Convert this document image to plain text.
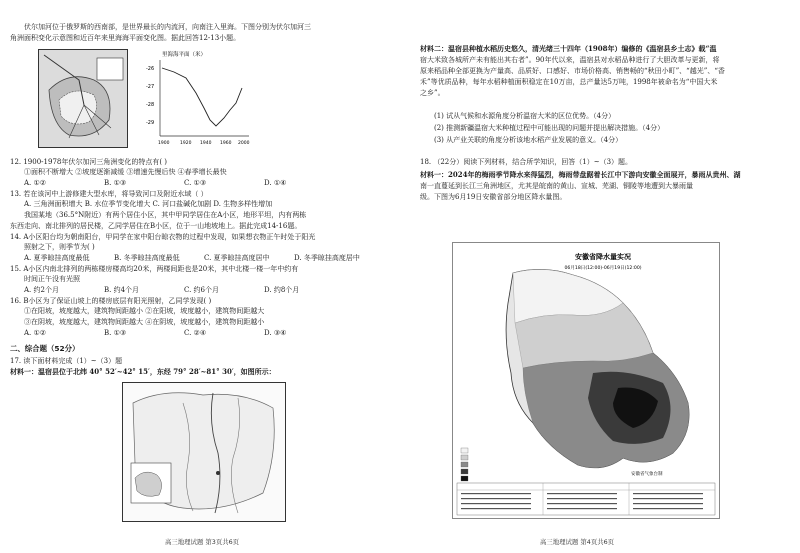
伏尔加河位于俄罗斯的西南部，是世界最长的内流河，向南注入里海。下图分别为伏尔加河三
角洲面积变化示意图和近百年来里海海平面变化图。据此回答12-13小题。
里海海平面（米）
-26
-27
-28
-29
1900 1920 1940 1960 2000
12. 1900-1978年伏尔加河三角洲变化的特点有( )
①面积不断增大 ②坡度逐渐减缓 ③增速先慢后快 ④春季增长最快
A. ①②	B. ①③	C. ①③	D. ①④
13. 若在该河中上游修建大型水库，将导致河口及附近水域（ ）
A. 三角洲面积增大 B. 水位季节变化增大 C. 河口盐碱化加剧 D. 生物多样性增加
我国某地（36.5°N附近）有两个居住小区，其中甲同学居住在A小区，地形平坦，内有两栋
东西走向、南北排列的居民楼，乙同学居住在B小区，位于一山地坡地上。据此完成14-16题。
14. A小区阳台均为朝南阳台，甲同学在家中阳台晾衣物的过程中发现，如果想衣物正午时处于阳光
照射之下，则季节为( )
A. 夏季晾挂高度最低	B. 冬季晾挂高度最低	C. 夏季晾挂高度居中	D. 冬季晾挂高度居中
15. A小区内南北排列的两栋楼房楼高均20米，两楼间距也是20米，其中北楼一楼一年中约有
时间正午没有光照
A. 约2个月	B. 约4个月	C. 约6个月	D. 约8个月
16. B小区为了保证山坡上的楼房底层有阳光照射，乙同学发现( )
①在阳坡，坡度越大，建筑物间距越小 ②在阳坡，坡度越小，建筑物间距越大
③在阴坡，坡度越大，建筑物间距越大 ④在阴坡，坡度越小，建筑物间距越小
A. ①②	B. ①③	C. ②④	D. ③④
二、综合题（52分）
17. 读下面材料完成（1）~（3）题
材料一：温宿县位于北纬 40° 52′~42° 15′，东经 79° 28′~81° 30′，如图所示：
高三地理试题 第3页共6页
材料二：温宿县种植水稻历史悠久，清光绪三十四年（1908年）编修的《温宿县乡土志》载“温
宿大米致各城所产未有能出其右者”。90年代以来，温宿县对水稻品种进行了大胆改革与更新，将
原来稻品种全部更换为产量高、品质好、口感好、市场价格高、销售畅的“秋田小町”、“越光”、“香
禾”等优质品种，每年水稻种植面积稳定在10万亩，总产量达5万吨，1998年被命名为“中国大米
之乡”。
(1) 试从气候和水源角度分析温宿大米的区位优势。（4分）
(2) 推测新疆温宿大米种植过程中可能出现的问题并提出解决措施。（4分）
(3) 从产业关联的角度分析该地水稻产业发展的意义。（4分）
18. （22分）阅读下列材料，结合所学知识，回答（1）~（3）题。
材料一：2024年的梅雨季节降水来得猛烈，梅雨带盘踞着长江中下游向安徽全面展开，暴雨从贵州、湖
南一直蔓延到长江三角洲地区，尤其是皖南的黄山、宣城、芜湖、铜陵等地遭到大暴雨量
级。下图为6月19日安徽省部分地区降水量图。
安徽省降水量实况
06月18日(12:00)-06月19日(12:00)
安徽省气象台制
高三地理试题 第4页共6页
